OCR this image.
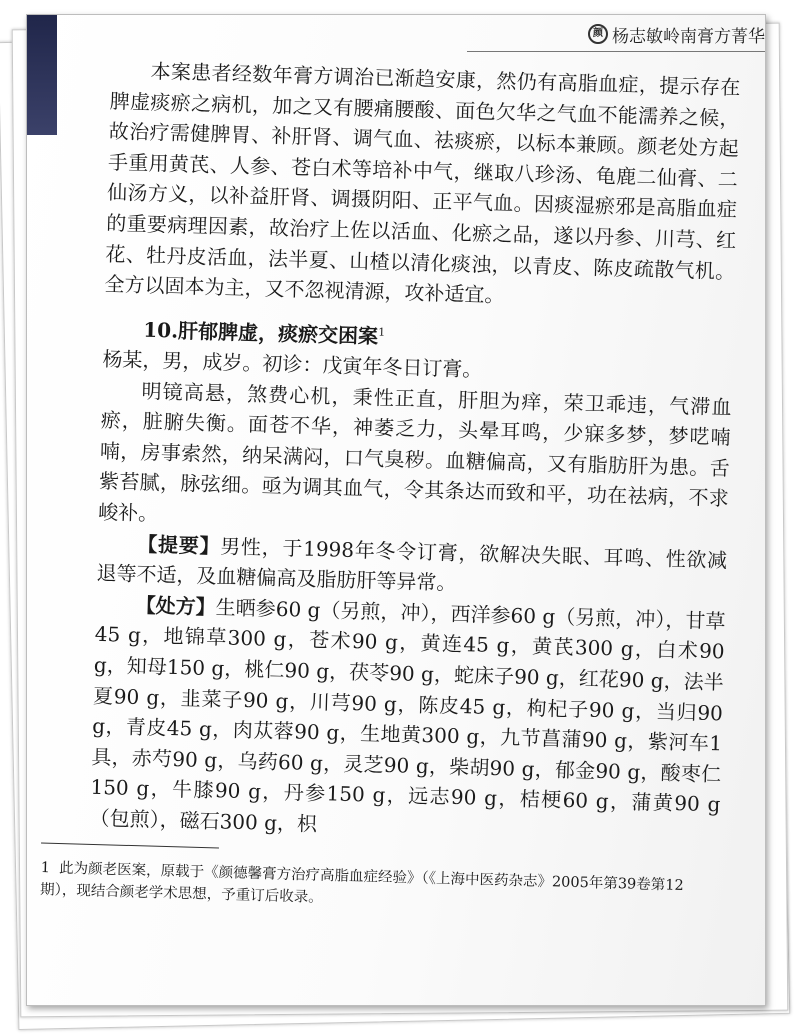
颜 杨志敏岭南膏方菁华

本案患者经数年膏方调治已渐趋安康，然仍有高脂血症，提示存在脾虚痰瘀之病机，加之又有腰痛腰酸、面色欠华之气血不能濡养之候，故治疗需健脾胃、补肝肾、调气血、祛痰瘀，以标本兼顾。颜老处方起手重用黄芪、人参、苍白术等培补中气，继取八珍汤、龟鹿二仙膏、二仙汤方义，以补益肝肾、调摄阴阳、正平气血。因痰湿瘀邪是高脂血症的重要病理因素，故治疗上佐以活血、化瘀之品，遂以丹参、川芎、红花、牡丹皮活血，法半夏、山楂以清化痰浊，以青皮、陈皮疏散气机。全方以固本为主，又不忽视清源，攻补适宜。

10.肝郁脾虚，痰瘀交困案$^1$

杨某，男，成岁。初诊：戊寅年冬日订膏。

明镜高悬，煞费心机，秉性正直，肝胆为痒，荣卫乖违，气滞血瘀，脏腑失衡。面苍不华，神萎乏力，头晕耳鸣，少寐多梦，梦呓喃喃，房事索然，纳呆满闷，口气臭秽。血糖偏高，又有脂肪肝为患。舌紫苔腻，脉弦细。亟为调其血气，令其条达而致和平，功在祛病，不求峻补。

【提要】男性，于1998年冬令订膏，欲解决失眠、耳鸣、性欲减退等不适，及血糖偏高及脂肪肝等异常。

【处方】生晒参60 g（另煎，冲），西洋参60 g（另煎，冲），甘草45 g，地锦草300 g，苍术90 g，黄连45 g，黄芪300 g，白术90 g，知母150 g，桃仁90 g，茯苓90 g，蛇床子90 g，红花90 g，法半夏90 g，韭菜子90 g，川芎90 g，陈皮45 g，枸杞子90 g，当归90 g，青皮45 g，肉苁蓉90 g，生地黄300 g，九节菖蒲90 g，紫河车1具，赤芍90 g，乌药60 g，灵芝90 g，柴胡90 g，郁金90 g，酸枣仁150 g，牛膝90 g，丹参150 g，远志90 g，桔梗60 g，蒲黄90 g（包煎），磁石300 g，枳

1 此为颜老医案，原载于《颜德馨膏方治疗高脂血症经验》（《上海中医药杂志》2005年第39卷第12期），现结合颜老学术思想，予重订后收录。
